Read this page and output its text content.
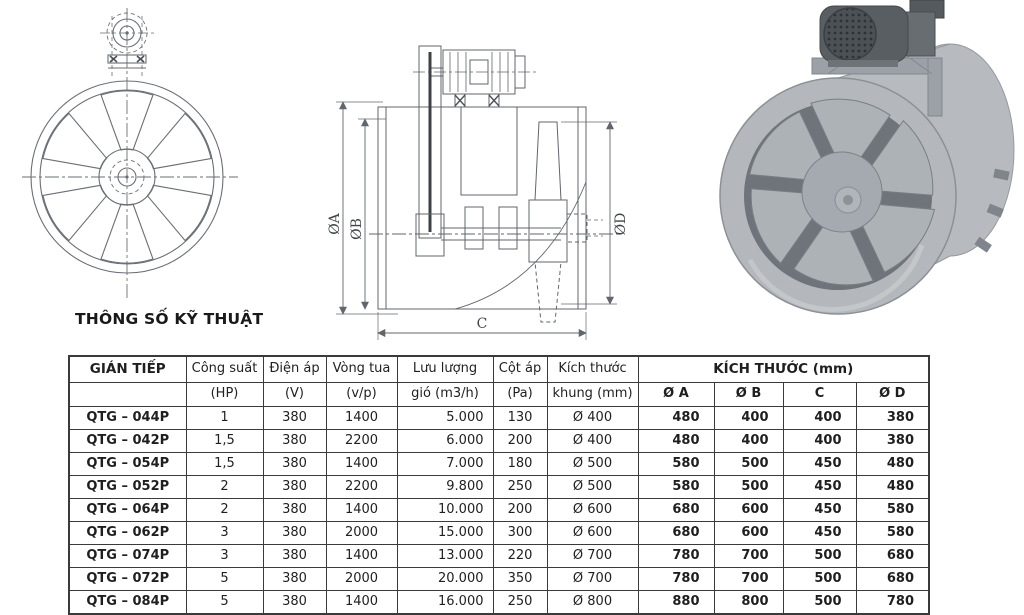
ØA ØB	ØD
C
THÔNG SỐ KỸ THUẬT
GIÁN TIẾP	Công suất	Điện áp	Vòng tua	Lưu lượng	Cột áp	Kích thước	KÍCH THƯỚC (mm)			
	(HP)	(V)	(v/p)	gió (m3/h)	(Pa)	khung (mm)	Ø A	Ø B	C	Ø D
QTG – 044P	1	380	1400	5.000	130	Ø 400	480	400	400	380
QTG – 042P	1,5	380	2200	6.000	200	Ø 400	480	400	400	380
QTG – 054P	1,5	380	1400	7.000	180	Ø 500	580	500	450	480
QTG – 052P	2	380	2200	9.800	250	Ø 500	580	500	450	480
QTG – 064P	2	380	1400	10.000	200	Ø 600	680	600	450	580
QTG – 062P	3	380	2000	15.000	300	Ø 600	680	600	450	580
QTG – 074P	3	380	1400	13.000	220	Ø 700	780	700	500	680
QTG – 072P	5	380	2000	20.000	350	Ø 700	780	700	500	680
QTG – 084P	5	380	1400	16.000	250	Ø 800	880	800	500	780
